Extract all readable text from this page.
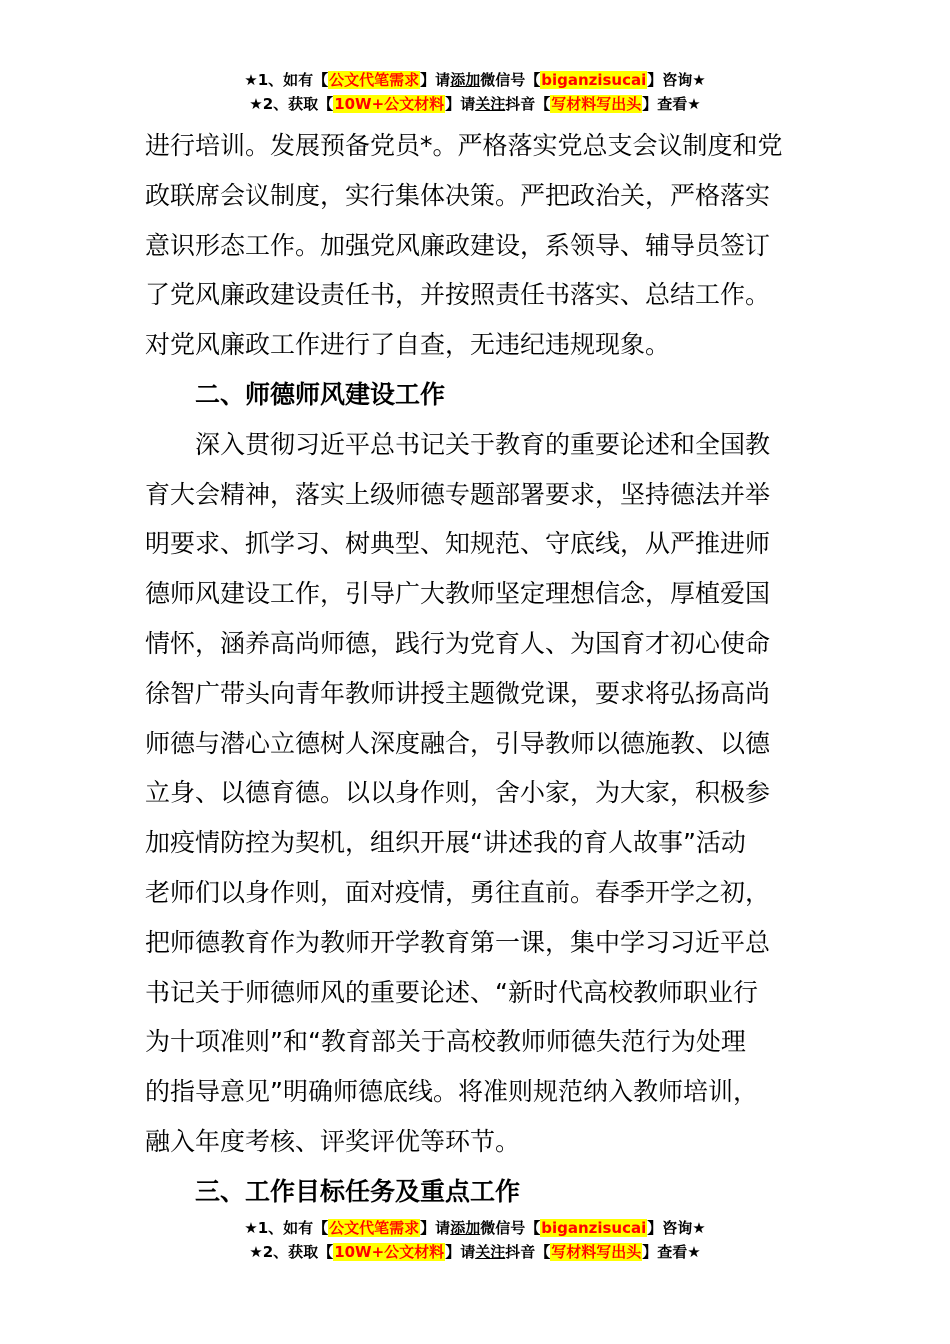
★1、如有【公文代笔需求】请添加微信号【biganzisucai】咨询★
★2、获取【10W+公文材料】请关注抖音【写材料写出头】查看★
进行培训。发展预备党员*。严格落实党总支会议制度和党
政联席会议制度，实行集体决策。严把政治关，严格落实
意识形态工作。加强党风廉政建设，系领导、辅导员签订
了党风廉政建设责任书，并按照责任书落实、总结工作。
对党风廉政工作进行了自查，无违纪违规现象。
二、师德师风建设工作
深入贯彻习近平总书记关于教育的重要论述和全国教
育大会精神，落实上级师德专题部署要求，坚持德法并举
明要求、抓学习、树典型、知规范、守底线，从严推进师
德师风建设工作，引导广大教师坚定理想信念，厚植爱国
情怀，涵养高尚师德，践行为党育人、为国育才初心使命
徐智广带头向青年教师讲授主题微党课，要求将弘扬高尚
师德与潜心立德树人深度融合，引导教师以德施教、以德
立身、以德育德。以以身作则，舍小家，为大家，积极参
加疫情防控为契机，组织开展“讲述我的育人故事”活动
老师们以身作则，面对疫情，勇往直前。春季开学之初，
把师德教育作为教师开学教育第一课，集中学习习近平总
书记关于师德师风的重要论述、“新时代高校教师职业行
为十项准则”和“教育部关于高校教师师德失范行为处理
的指导意见”明确师德底线。将准则规范纳入教师培训，
融入年度考核、评奖评优等环节。
三、工作目标任务及重点工作
★1、如有【公文代笔需求】请添加微信号【biganzisucai】咨询★
★2、获取【10W+公文材料】请关注抖音【写材料写出头】查看★
